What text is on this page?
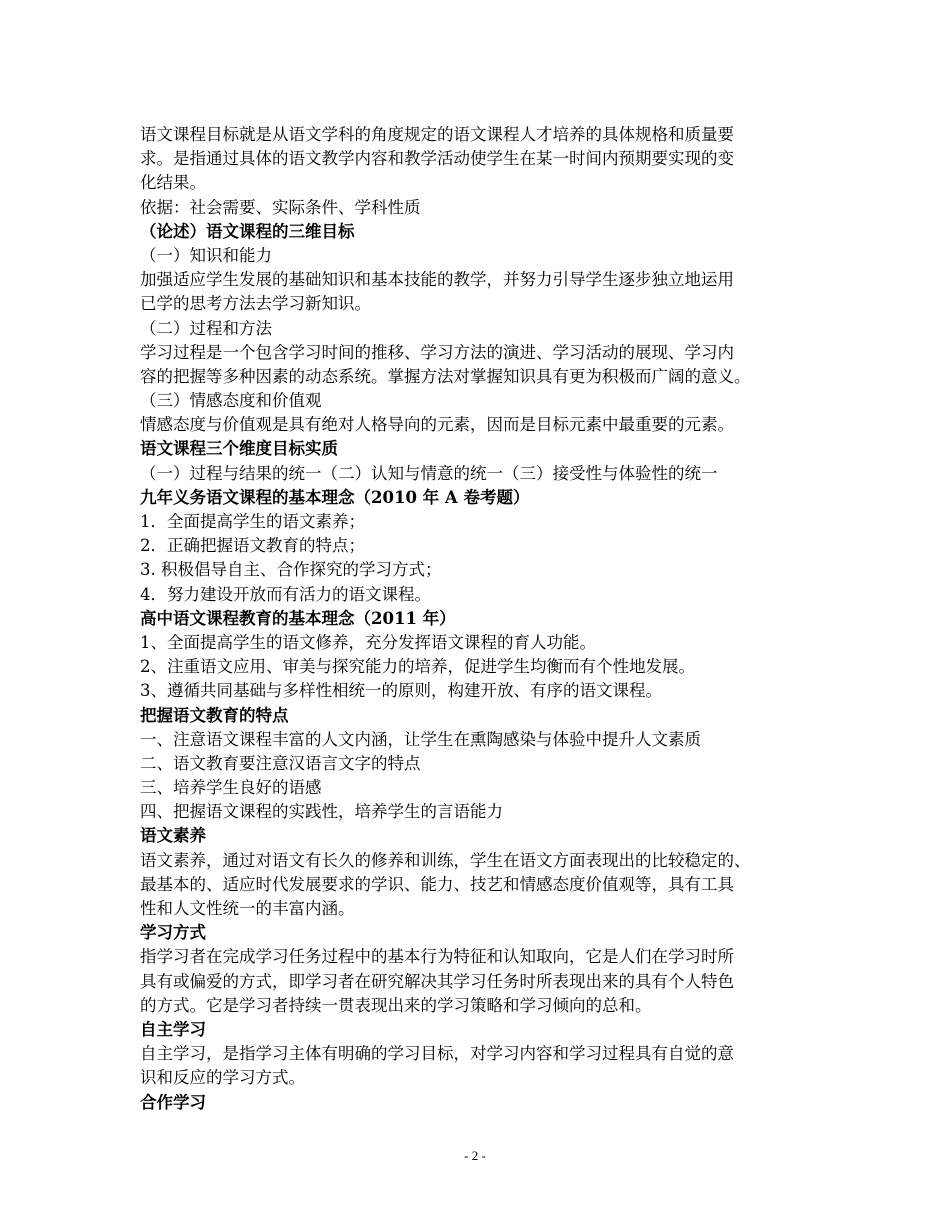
语文课程目标就是从语文学科的角度规定的语文课程人才培养的具体规格和质量要
求。是指通过具体的语文教学内容和教学活动使学生在某一时间内预期要实现的变
化结果。
依据：社会需要、实际条件、学科性质
（论述）语文课程的三维目标
（一）知识和能力
加强适应学生发展的基础知识和基本技能的教学，并努力引导学生逐步独立地运用
已学的思考方法去学习新知识。
（二）过程和方法
学习过程是一个包含学习时间的推移、学习方法的演进、学习活动的展现、学习内
容的把握等多种因素的动态系统。掌握方法对掌握知识具有更为积极而广阔的意义。
（三）情感态度和价值观
情感态度与价值观是具有绝对人格导向的元素，因而是目标元素中最重要的元素。
语文课程三个维度目标实质
（一）过程与结果的统一（二）认知与情意的统一（三）接受性与体验性的统一
九年义务语文课程的基本理念（2010 年 A 卷考题）
1．全面提高学生的语文素养；
2．正确把握语文教育的特点；
3. 积极倡导自主、合作探究的学习方式；
4．努力建设开放而有活力的语文课程。
高中语文课程教育的基本理念（2011 年）
1、全面提高学生的语文修养，充分发挥语文课程的育人功能。
2、注重语文应用、审美与探究能力的培养，促进学生均衡而有个性地发展。
3、遵循共同基础与多样性相统一的原则，构建开放、有序的语文课程。
把握语文教育的特点
一、注意语文课程丰富的人文内涵，让学生在熏陶感染与体验中提升人文素质
二、语文教育要注意汉语言文字的特点
三、培养学生良好的语感
四、把握语文课程的实践性，培养学生的言语能力
语文素养
语文素养，通过对语文有长久的修养和训练，学生在语文方面表现出的比较稳定的、
最基本的、适应时代发展要求的学识、能力、技艺和情感态度价值观等，具有工具
性和人文性统一的丰富内涵。
学习方式
指学习者在完成学习任务过程中的基本行为特征和认知取向，它是人们在学习时所
具有或偏爱的方式，即学习者在研究解决其学习任务时所表现出来的具有个人特色
的方式。它是学习者持续一贯表现出来的学习策略和学习倾向的总和。
自主学习
自主学习，是指学习主体有明确的学习目标，对学习内容和学习过程具有自觉的意
识和反应的学习方式。
合作学习
- 2 -
